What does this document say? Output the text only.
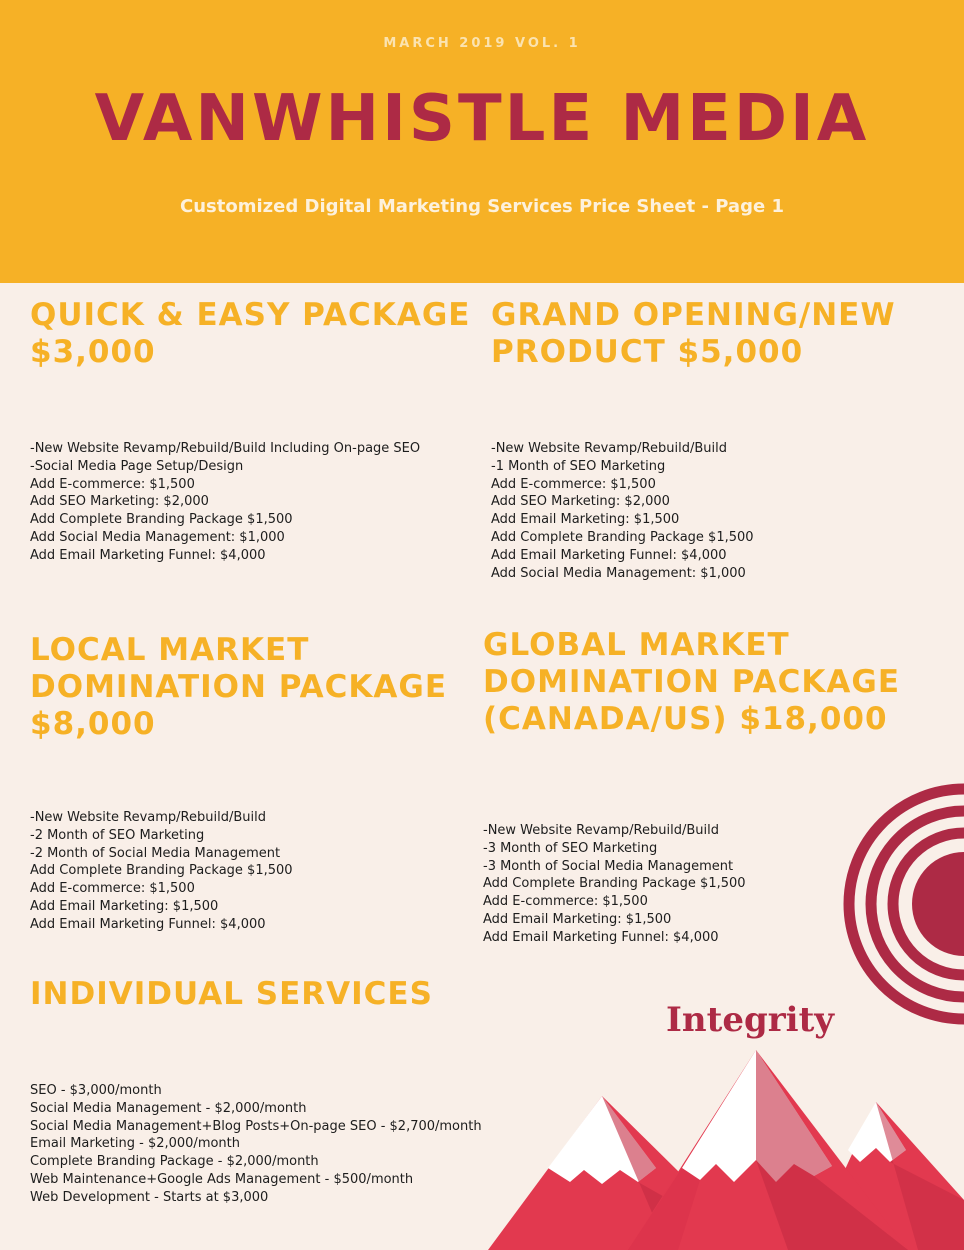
MARCH 2019 VOL. 1
VANWHISTLE MEDIA
Customized Digital Marketing Services Price Sheet - Page 1
QUICK & EASY PACKAGE
$3,000
-New Website Revamp/Rebuild/Build Including On-page SEO
-Social Media Page Setup/Design
Add E-commerce: $1,500
Add SEO Marketing: $2,000
Add Complete Branding Package $1,500
Add Social Media Management: $1,000
Add Email Marketing Funnel: $4,000
GRAND OPENING/NEW
PRODUCT $5,000
-New Website Revamp/Rebuild/Build
-1 Month of SEO Marketing
Add E-commerce: $1,500
Add SEO Marketing: $2,000
Add Email Marketing: $1,500
Add Complete Branding Package $1,500
Add Email Marketing Funnel: $4,000
Add Social Media Management: $1,000
LOCAL MARKET
DOMINATION PACKAGE
$8,000
-New Website Revamp/Rebuild/Build
-2 Month of SEO Marketing
-2 Month of Social Media Management
Add Complete Branding Package $1,500
Add E-commerce: $1,500
Add Email Marketing: $1,500
Add Email Marketing Funnel: $4,000
GLOBAL MARKET
DOMINATION PACKAGE
(CANADA/US) $18,000
-New Website Revamp/Rebuild/Build
-3 Month of SEO Marketing
-3 Month of Social Media Management
Add Complete Branding Package $1,500
Add E-commerce: $1,500
Add Email Marketing: $1,500
Add Email Marketing Funnel: $4,000
INDIVIDUAL SERVICES
SEO - $3,000/month
Social Media Management - $2,000/month
Social Media Management+Blog Posts+On-page SEO - $2,700/month
Email Marketing - $2,000/month
Complete Branding Package - $2,000/month
Web Maintenance+Google Ads Management - $500/month
Web Development - Starts at $3,000
Integrity
